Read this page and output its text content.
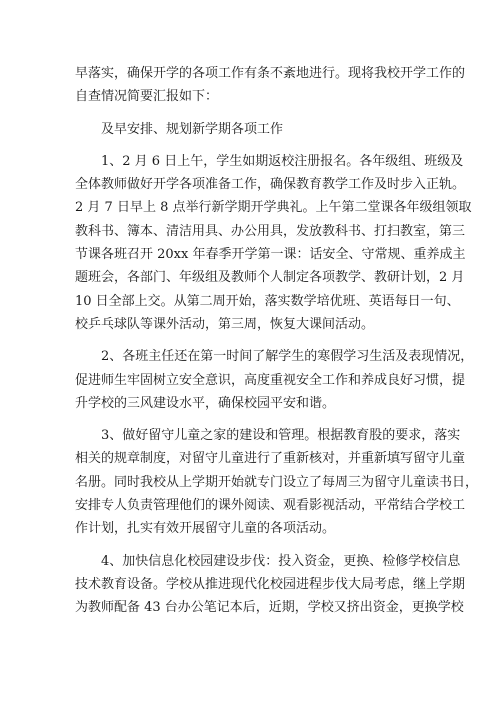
早落实，确保开学的各项工作有条不紊地进行。现将我校开学工作的
自查情况简要汇报如下：

及早安排、规划新学期各项工作

1、2 月 6 日上午，学生如期返校注册报名。各年级组、班级及
全体教师做好开学各项准备工作，确保教育教学工作及时步入正轨。
2 月 7 日早上 8 点举行新学期开学典礼。上午第二堂课各年级组领取
教科书、簿本、清洁用具、办公用具，发放教科书、打扫教室，第三
节课各班召开 20xx 年春季开学第一课：话安全、守常规、重养成主
题班会，各部门、年级组及教师个人制定各项教学、教研计划，2 月
10 日全部上交。从第二周开始，落实数学培优班、英语每日一句、
校乒乓球队等课外活动，第三周，恢复大课间活动。

2、各班主任还在第一时间了解学生的寒假学习生活及表现情况，
促进师生牢固树立安全意识，高度重视安全工作和养成良好习惯，提
升学校的三风建设水平，确保校园平安和谐。

3、做好留守儿童之家的建设和管理。根据教育股的要求，落实
相关的规章制度，对留守儿童进行了重新核对，并重新填写留守儿童
名册。同时我校从上学期开始就专门设立了每周三为留守儿童读书日，
安排专人负责管理他们的课外阅读、观看影视活动，平常结合学校工
作计划，扎实有效开展留守儿童的各项活动。

4、加快信息化校园建设步伐：投入资金，更换、检修学校信息
技术教育设备。学校从推进现代化校园进程步伐大局考虑，继上学期
为教师配备 43 台办公笔记本后，近期，学校又挤出资金，更换学校
